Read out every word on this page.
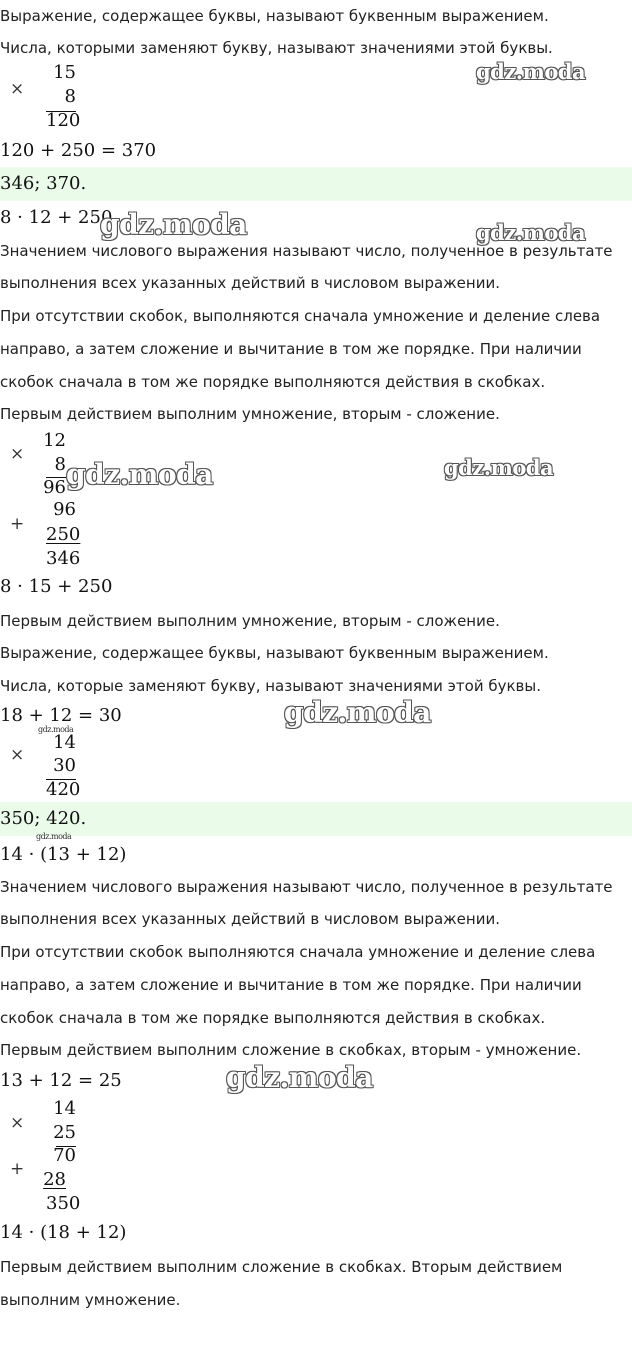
Выражение, содержащее буквы, называют буквенным выражением.
Числа, которыми заменяют букву, называют значениями этой буквы.
×
15
8
120
120 + 250 = 370
346; 370.
8 · 12 + 250
Значением числового выражения называют число, полученное в результате
выполнения всех указанных действий в числовом выражении.
При отсутствии скобок, выполняются сначала умножение и деление слева
направо, а затем сложение и вычитание в том же порядке. При наличии
скобок сначала в том же порядке выполняются действия в скобках.
Первым действием выполним умножение, вторым - сложение.
×
12
8
96
+
96
250
346
8 · 15 + 250
Первым действием выполним умножение, вторым - сложение.
Выражение, содержащее буквы, называют буквенным выражением.
Числа, которые заменяют букву, называют значениями этой буквы.
18 + 12 = 30
×
14
30
420
350; 420.
14 · (13 + 12)
Значением числового выражения называют число, полученное в результате
выполнения всех указанных действий в числовом выражении.
При отсутствии скобок выполняются сначала умножение и деление слева
направо, а затем сложение и вычитание в том же порядке. При наличии
скобок сначала в том же порядке выполняются действия в скобках.
Первым действием выполним сложение в скобках, вторым - умножение.
13 + 12 = 25
×
14
25
70
+	28
350
14 · (18 + 12)
Первым действием выполним сложение в скобках. Вторым действием
выполним умножение.
gdz.moda
gdz.moda	gdz.moda
gdz.moda	gdz.moda
gdz.moda
gdz.moda
gdz.moda
gdz.moda
